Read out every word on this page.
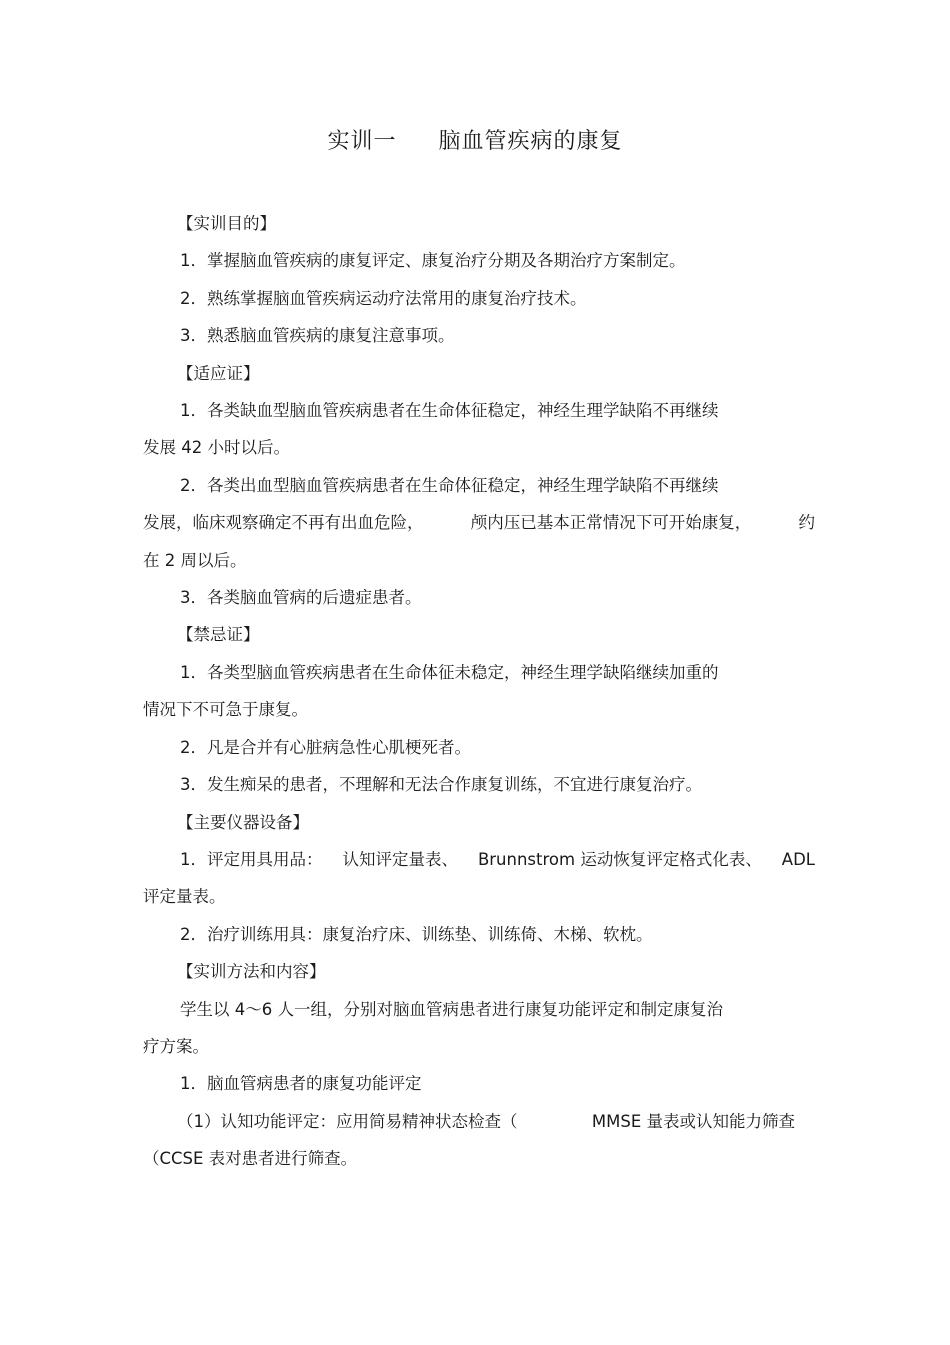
实训一 脑血管疾病的康复

【实训目的】

1．掌握脑血管疾病的康复评定、康复治疗分期及各期治疗方案制定。

2．熟练掌握脑血管疾病运动疗法常用的康复治疗技术。

3．熟悉脑血管疾病的康复注意事项。

【适应证】

1．各类缺血型脑血管疾病患者在生命体征稳定，神经生理学缺陷不再继续

发展 42 小时以后。

2．各类出血型脑血管疾病患者在生命体征稳定，神经生理学缺陷不再继续

发展，临床观察确定不再有出血危险，	颅内压已基本正常情况下可开始康复，	约

在 2 周以后。

3．各类脑血管病的后遗症患者。

【禁忌证】

1．各类型脑血管疾病患者在生命体征未稳定，神经生理学缺陷继续加重的

情况下不可急于康复。

2．凡是合并有心脏病急性心肌梗死者。

3．发生痴呆的患者，不理解和无法合作康复训练，不宜进行康复治疗。

【主要仪器设备】

1．评定用具用品： 认知评定量表、 Brunnstrom 运动恢复评定格式化表、 ADL

评定量表。

2．治疗训练用具：康复治疗床、训练垫、训练倚、木梯、软枕。

【实训方法和内容】

学生以 4～6 人一组，分别对脑血管病患者进行康复功能评定和制定康复治

疗方案。

1．脑血管病患者的康复功能评定

（1）认知功能评定：应用简易精神状态检查（	MMSE 量表或认知能力筛查

（CCSE 表对患者进行筛查。
